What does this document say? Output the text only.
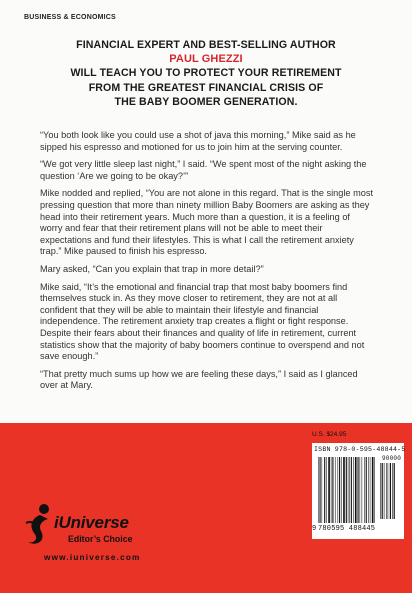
BUSINESS & ECONOMICS
FINANCIAL EXPERT AND BEST-SELLING AUTHOR
PAUL GHEZZI
WILL TEACH YOU TO PROTECT YOUR RETIREMENT
FROM THE GREATEST FINANCIAL CRISIS OF
THE BABY BOOMER GENERATION.

“You both look like you could use a shot of java this morning,” Mike said as he sipped his espresso and motioned for us to join him at the serving counter.

“We got very little sleep last night,” I said. “We spent most of the night asking the question ‘Are we going to be okay?’”

Mike nodded and replied, “You are not alone in this regard. That is the single most pressing question that more than ninety million Baby Boomers are asking as they head into their retirement years. Much more than a question, it is a feeling of worry and fear that their retirement plans will not be able to meet their expectations and fund their lifestyles. This is what I call the retirement anxiety trap.” Mike paused to finish his espresso.

Mary asked, “Can you explain that trap in more detail?”

Mike said, “It’s the emotional and financial trap that most baby boomers find themselves stuck in. As they move closer to retirement, they are not at all confident that they will be able to maintain their lifestyle and financial independence. The retirement anxiety trap creates a flight or fight response. Despite their fears about their finances and quality of life in retirement, current statistics show that the majority of baby boomers continue to overspend and not save enough.”

“That pretty much sums up how we are feeling these days,” I said as I glanced over at Mary.

U.S. $24.95
ISBN 978-0-595-48844-5
90000
9 780595 488445
iUniverse
Editor’s Choice
www.iuniverse.com
